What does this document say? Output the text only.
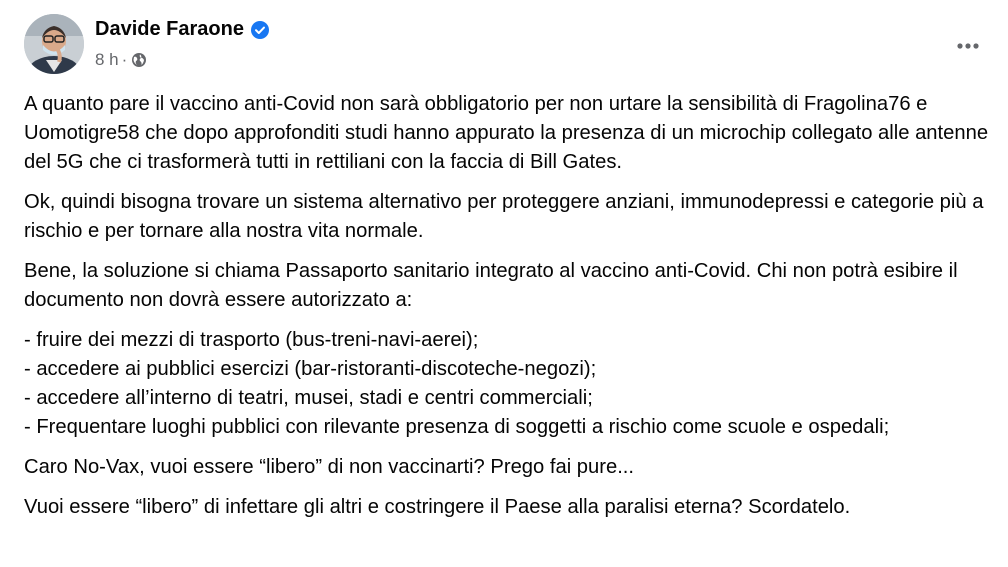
Davide Faraone
8 h ·

A quanto pare il vaccino anti-Covid non sarà obbligatorio per non urtare la sensibilità di Fragolina76 e Uomotigre58 che dopo approfonditi studi hanno appurato la presenza di un microchip collegato alle antenne del 5G che ci trasformerà tutti in rettiliani con la faccia di Bill Gates.

Ok, quindi bisogna trovare un sistema alternativo per proteggere anziani, immunodepressi e categorie più a rischio e per tornare alla nostra vita normale.

Bene, la soluzione si chiama Passaporto sanitario integrato al vaccino anti-Covid. Chi non potrà esibire il documento non dovrà essere autorizzato a:

- fruire dei mezzi di trasporto (bus-treni-navi-aerei);
- accedere ai pubblici esercizi (bar-ristoranti-discoteche-negozi);
- accedere all’interno di teatri, musei, stadi e centri commerciali;
- Frequentare luoghi pubblici con rilevante presenza di soggetti a rischio come scuole e ospedali;

Caro No-Vax, vuoi essere “libero” di non vaccinarti? Prego fai pure...

Vuoi essere “libero” di infettare gli altri e costringere il Paese alla paralisi eterna? Scordatelo.
